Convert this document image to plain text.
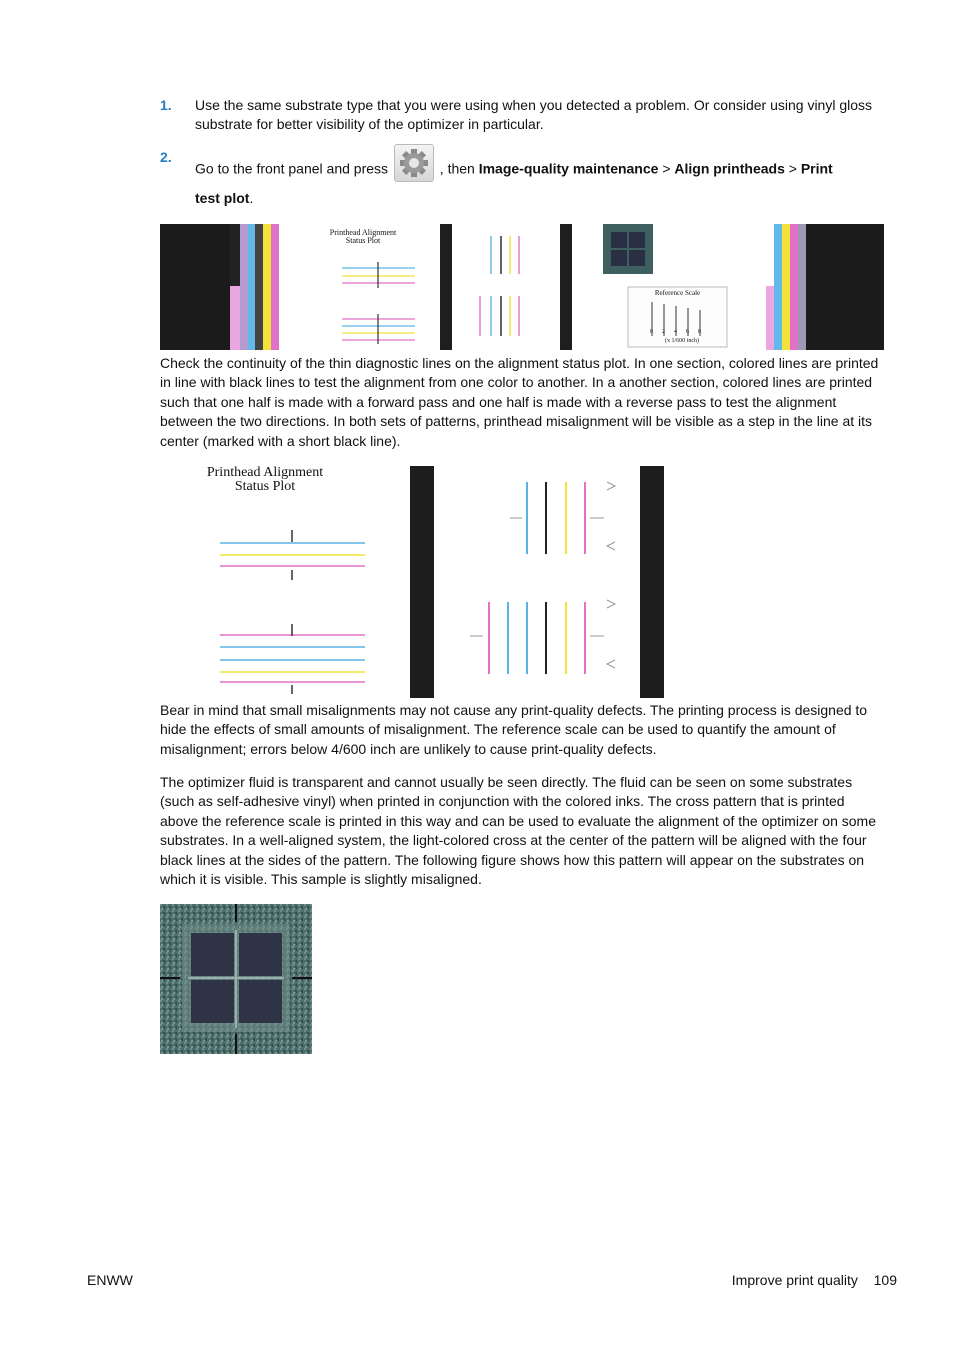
1. Use the same substrate type that you were using when you detected a problem. Or consider using vinyl gloss substrate for better visibility of the optimizer in particular.
2.
Go to the front panel and press	, then Image-quality maintenance > Align printheads > Print
test plot.
Printhead Alignment
Status Plot
Reference Scale
0 2 4 6 8
(x 1/600 inch)
Check the continuity of the thin diagnostic lines on the alignment status plot. In one section, colored lines are printed in line with black lines to test the alignment from one color to another. In a another section, colored lines are printed such that one half is made with a forward pass and one half is made with a reverse pass to test the alignment between the two directions. In both sets of patterns, printhead misalignment will be visible as a step in the line at its center (marked with a short black line).
Printhead Alignment
Status Plot
Bear in mind that small misalignments may not cause any print-quality defects. The printing process is designed to hide the effects of small amounts of misalignment. The reference scale can be used to quantify the amount of misalignment; errors below 4/600 inch are unlikely to cause print-quality defects.
The optimizer fluid is transparent and cannot usually be seen directly. The fluid can be seen on some substrates (such as self-adhesive vinyl) when printed in conjunction with the colored inks. The cross pattern that is printed above the reference scale is printed in this way and can be used to evaluate the alignment of the optimizer on some substrates. In a well-aligned system, the light-colored cross at the center of the pattern will be aligned with the four black lines at the sides of the pattern. The following figure shows how this pattern will appear on the substrates on which it is visible. This sample is slightly misaligned.
ENWW	Improve print quality 109
